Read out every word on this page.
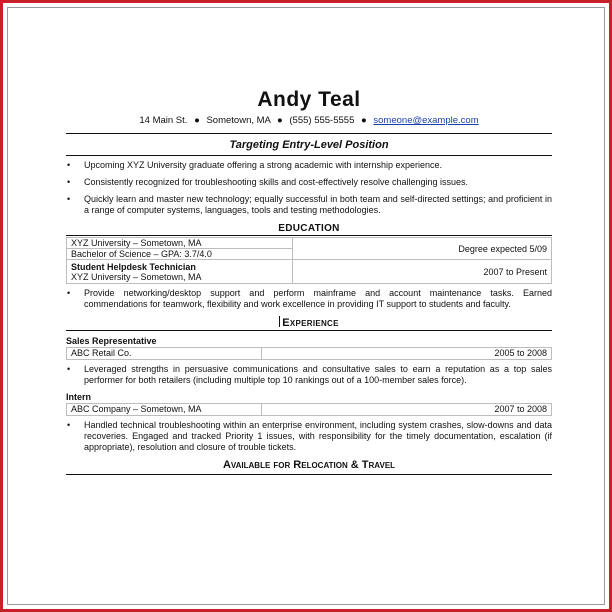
Andy Teal
14 Main St. ● Sometown, MA ● (555) 555-5555 ● someone@example.com
Targeting Entry-Level Position
• Upcoming XYZ University graduate offering a strong academic with internship experience.
• Consistently recognized for troubleshooting skills and cost-effectively resolve challenging issues.
• Quickly learn and master new technology; equally successful in both team and self-directed settings; and proficient in a range of computer systems, languages, tools and testing methodologies.
EDUCATION
XYZ University – Sometown, MA	Degree expected 5/09
Bachelor of Science – GPA: 3.7/4.0	

Student Helpdesk Technician
XYZ University – Sometown, MA	2007 to Present
• Provide networking/desktop support and perform mainframe and account maintenance tasks. Earned commendations for teamwork, flexibility and work excellence in providing IT support to students and faculty.
Experience
Sales Representative
ABC Retail Co.	2005 to 2008
• Leveraged strengths in persuasive communications and consultative sales to earn a reputation as a top sales performer for both retailers (including multiple top 10 rankings out of a 100-member sales force).
Intern
ABC Company – Sometown, MA	2007 to 2008
• Handled technical troubleshooting within an enterprise environment, including system crashes, slow-downs and data recoveries. Engaged and tracked Priority 1 issues, with responsibility for the timely documentation, escalation (if appropriate), resolution and closure of trouble tickets.
Available for Relocation & Travel
